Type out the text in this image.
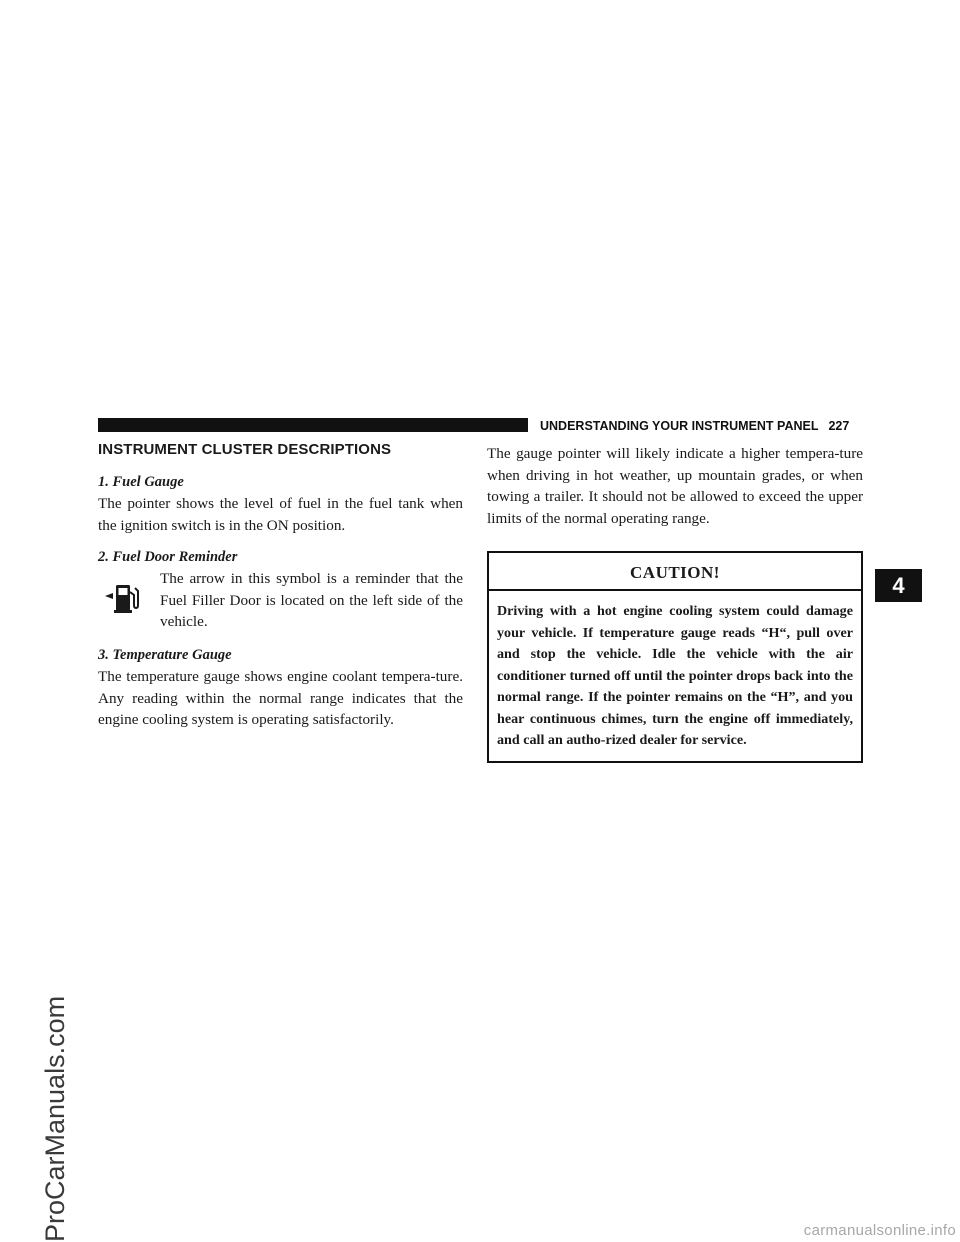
ProCarManuals.com
UNDERSTANDING YOUR INSTRUMENT PANEL 227
INSTRUMENT CLUSTER DESCRIPTIONS
1. Fuel Gauge

The pointer shows the level of fuel in the fuel tank when the ignition switch is in the ON position.

2. Fuel Door Reminder

The arrow in this symbol is a reminder that the Fuel Filler Door is located on the left side of the vehicle.

3. Temperature Gauge

The temperature gauge shows engine coolant tempera-ture. Any reading within the normal range indicates that the engine cooling system is operating satisfactorily.

The gauge pointer will likely indicate a higher tempera-ture when driving in hot weather, up mountain grades, or when towing a trailer. It should not be allowed to exceed the upper limits of the normal operating range.

CAUTION!
Driving with a hot engine cooling system could damage your vehicle. If temperature gauge reads “H“, pull over and stop the vehicle. Idle the vehicle with the air conditioner turned off until the pointer drops back into the normal range. If the pointer remains on the “H”, and you hear continuous chimes, turn the engine off immediately, and call an autho-rized dealer for service.
4
carmanualsonline.info
